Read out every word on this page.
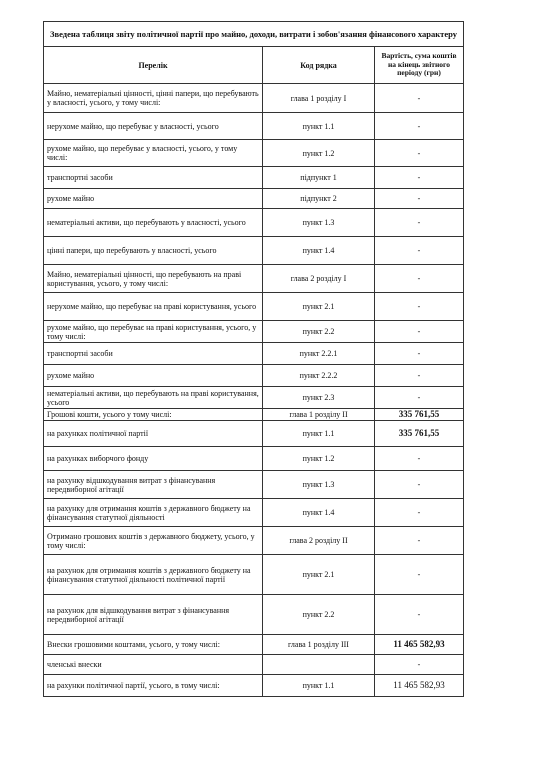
Зведена таблиця звіту політичної партії про майно, доходи, витрати і зобов'язання фінансового характеру		
Перелік	Код рядка	Вартість, сума коштів на кінець звітного періоду (грн)
Майно, нематеріальні цінності, цінні папери, що перебувають у власності, усього, у тому числі:	глава 1 розділу I	-
нерухоме майно, що перебуває у власності, усього	пункт 1.1	-
рухоме майно, що перебуває у власності, усього, у тому числі:	пункт 1.2	-
транспортні засоби	підпункт 1	-
рухоме майно	підпункт 2	-
нематеріальні активи, що перебувають у власності, усього	пункт 1.3	-
цінні папери, що перебувають у власності, усього	пункт 1.4	-
Майно, нематеріальні цінності, що перебувають на праві користування, усього, у тому числі:	глава 2 розділу I	-
нерухоме майно, що перебуває на праві користування, усього	пункт 2.1	-
рухоме майно, що перебуває на праві користування, усього, у тому числі:	пункт 2.2	-
транспортні засоби	пункт 2.2.1	-
рухоме майно	пункт 2.2.2	-
нематеріальні активи, що перебувають на праві користування, усього	пункт 2.3	-
Грошові кошти, усього у тому числі:	глава 1 розділу II	335 761,55
на рахунках політичної партії	пункт 1.1	335 761,55
на рахунках виборчого фонду	пункт 1.2	-
на рахунку відшкодування витрат з фінансування передвиборної агітації	пункт 1.3	-
на рахунку для отримання коштів з державного бюджету на фінансування статутної діяльності	пункт 1.4	-
Отримано грошових коштів з державного бюджету, усього, у тому числі:	глава 2 розділу II	-
на рахунок для отримання коштів з державного бюджету на фінансування статутної діяльності політичної партії	пункт 2.1	-
на рахунок для відшкодування витрат з фінансування передвиборної агітації	пункт 2.2	-
Внески грошовими коштами, усього, у тому числі:	глава 1 розділу III	11 465 582,93
членські внески		-
на рахунки політичної партії, усього, в тому числі:	пункт 1.1	11 465 582,93
